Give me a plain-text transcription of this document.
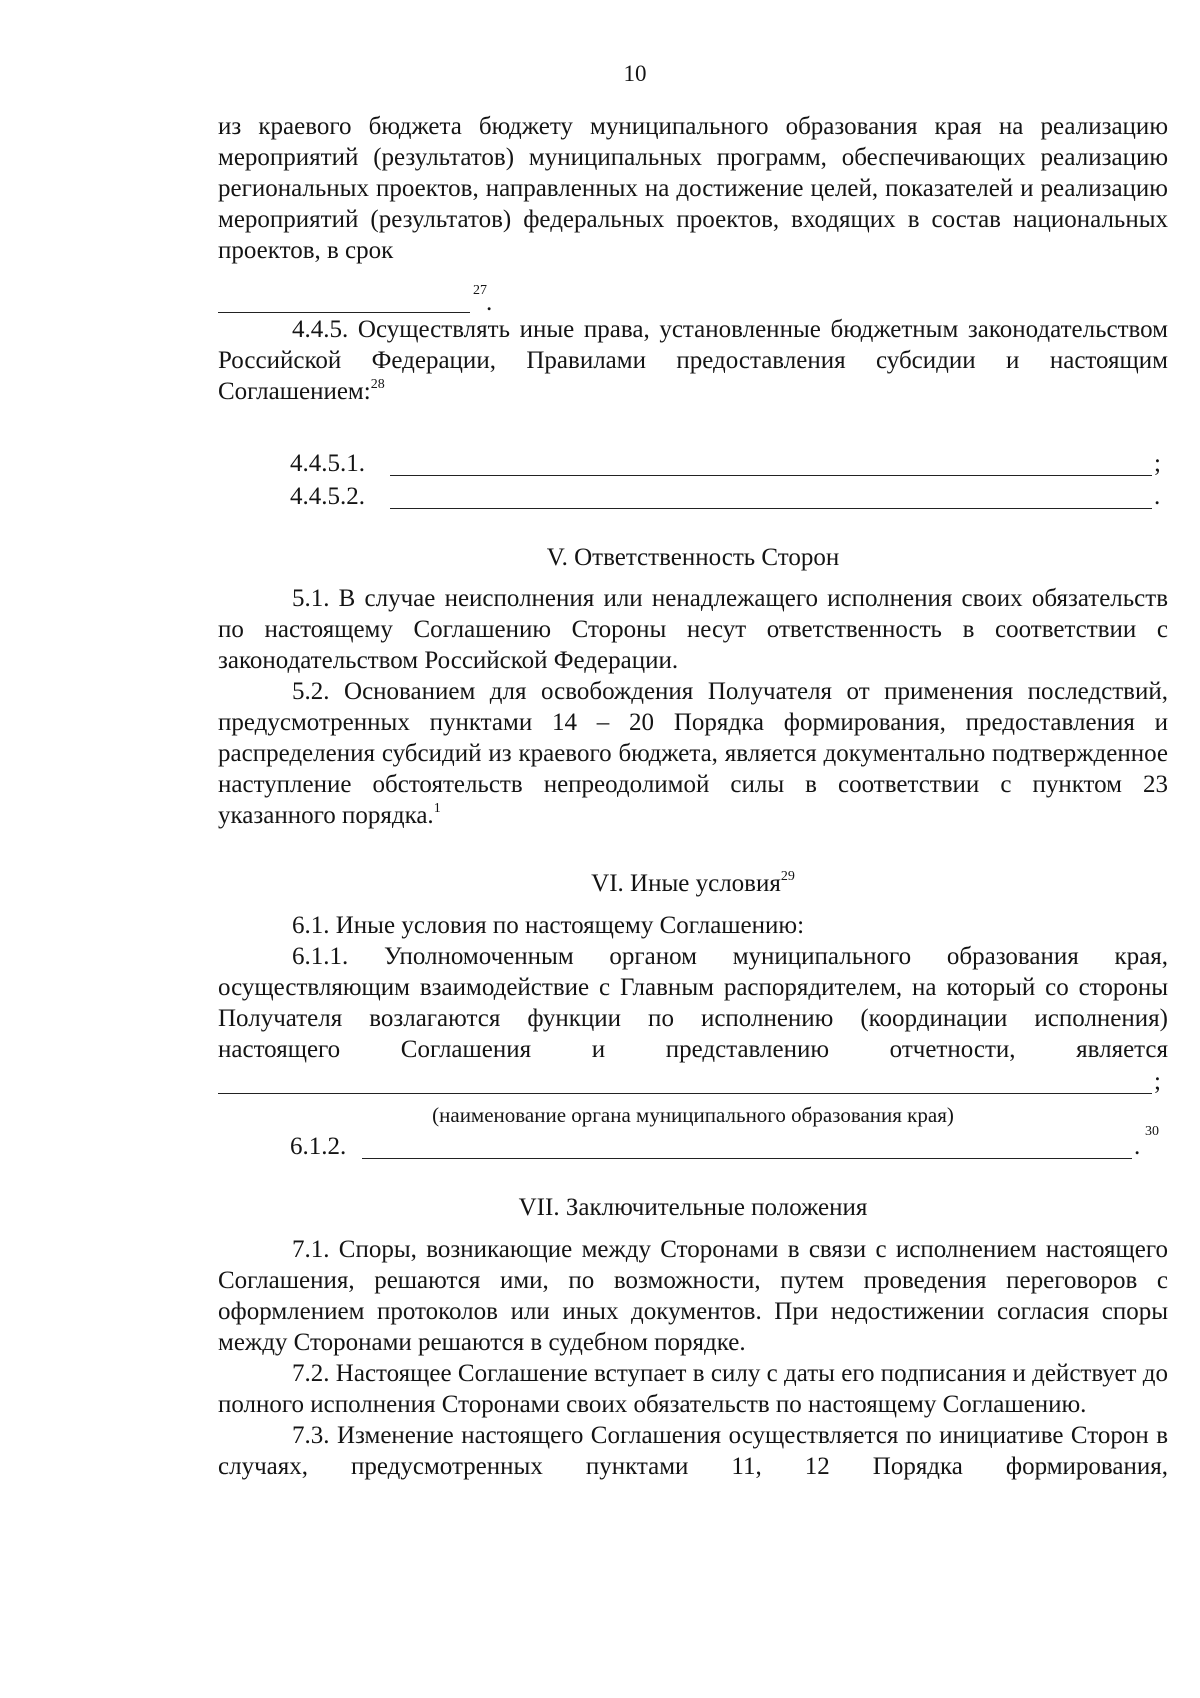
10

из краевого бюджета бюджету муниципального образования края на реализацию мероприятий (результатов) муниципальных программ, обеспечивающих реализацию региональных проектов, направленных на достижение целей, показателей и реализацию мероприятий (результатов) федеральных проектов, входящих в состав национальных проектов, в срок

27 .

4.4.5. Осуществлять иные права, установленные бюджетным законодательством Российской Федерации, Правилами предоставления субсидии и настоящим Соглашением:$^{28}$

4.4.5.1.	;
4.4.5.2.	.
V. Ответственность Сторон

5.1. В случае неисполнения или ненадлежащего исполнения своих обязательств по настоящему Соглашению Стороны несут ответственность в соответствии с законодательством Российской Федерации.

5.2. Основанием для освобождения Получателя от применения последствий, предусмотренных пунктами 14 – 20 Порядка формирования, предоставления и распределения субсидий из краевого бюджета, является документально подтвержденное наступление обстоятельств непреодолимой силы в соответствии с пунктом 23 указанного порядка.$^1$

VI. Иные условия$^{29}$

6.1. Иные условия по настоящему Соглашению:

6.1.1. Уполномоченным органом муниципального образования края, осуществляющим взаимодействие с Главным распорядителем, на который со стороны Получателя возлагаются функции по исполнению (координации исполнения) настоящего Соглашения и представлению отчетности, является

;
(наименование органа муниципального образования края)
6.1.2.	.
30
VII. Заключительные положения

7.1. Споры, возникающие между Сторонами в связи с исполнением настоящего Соглашения, решаются ими, по возможности, путем проведения переговоров с оформлением протоколов или иных документов. При недостижении согласия споры между Сторонами решаются в судебном порядке.

7.2. Настоящее Соглашение вступает в силу с даты его подписания и действует до полного исполнения Сторонами своих обязательств по настоящему Соглашению.

7.3. Изменение настоящего Соглашения осуществляется по инициативе Сторон в случаях, предусмотренных пунктами 11, 12 Порядка формирования,
